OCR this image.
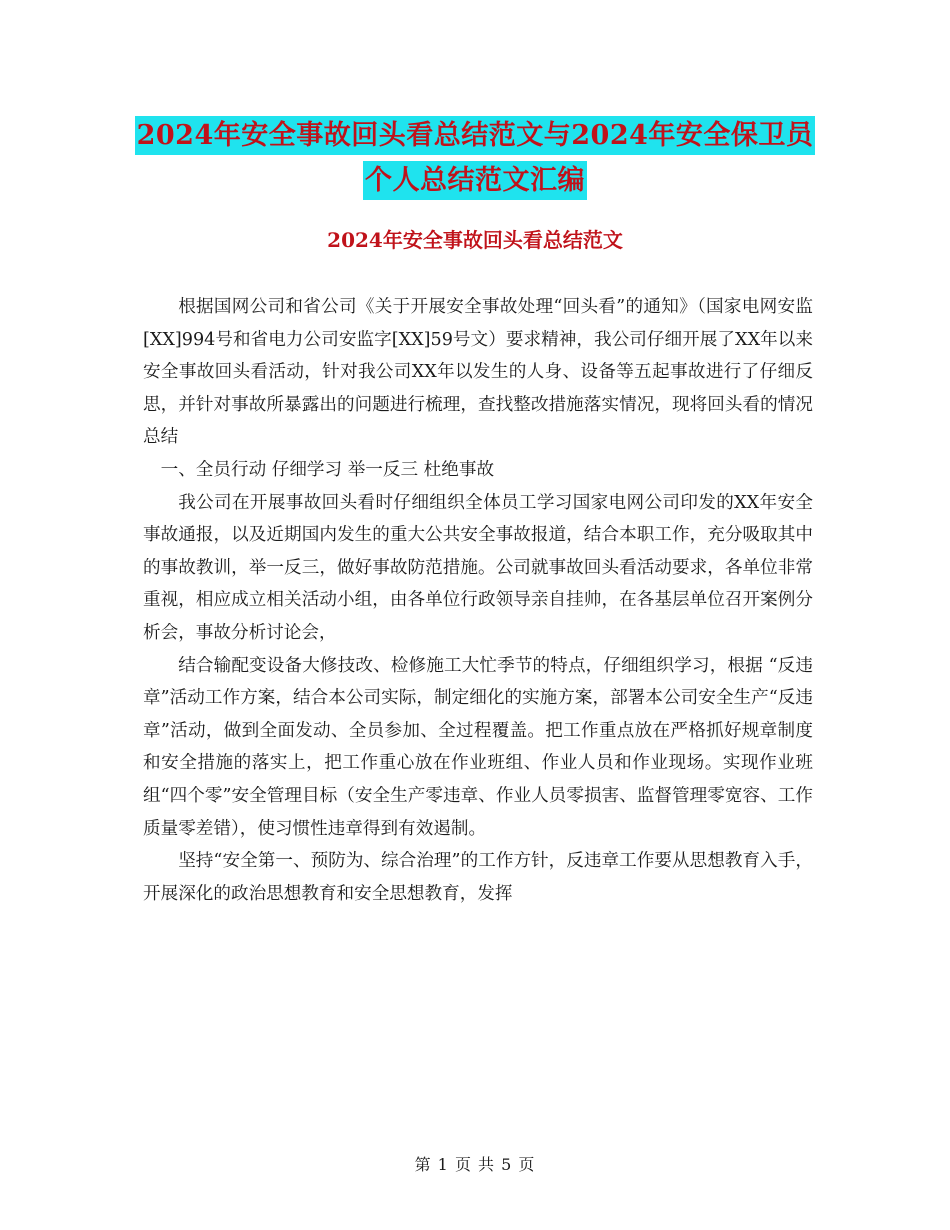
2024年安全事故回头看总结范文与2024年安全保卫员
个人总结范文汇编
2024年安全事故回头看总结范文

根据国网公司和省公司《关于开展安全事故处理“回头看”的通知》（国家电网安监[XX]994号和省电力公司安监字[XX]59号文）要求精神，我公司仔细开展了XX年以来安全事故回头看活动，针对我公司XX年以发生的人身、设备等五起事故进行了仔细反思，并针对事故所暴露出的问题进行梳理，查找整改措施落实情况，现将回头看的情况总结

一、全员行动 仔细学习 举一反三 杜绝事故

我公司在开展事故回头看时仔细组织全体员工学习国家电网公司印发的XX年安全事故通报，以及近期国内发生的重大公共安全事故报道，结合本职工作，充分吸取其中的事故教训，举一反三，做好事故防范措施。公司就事故回头看活动要求，各单位非常重视，相应成立相关活动小组，由各单位行政领导亲自挂帅，在各基层单位召开案例分析会，事故分析讨论会，

结合输配变设备大修技改、检修施工大忙季节的特点，仔细组织学习，根据 “反违章”活动工作方案，结合本公司实际，制定细化的实施方案，部署本公司安全生产“反违章”活动，做到全面发动、全员参加、全过程覆盖。把工作重点放在严格抓好规章制度和安全措施的落实上，把工作重心放在作业班组、作业人员和作业现场。实现作业班组“四个零”安全管理目标（安全生产零违章、作业人员零损害、监督管理零宽容、工作质量零差错），使习惯性违章得到有效遏制。

坚持“安全第一、预防为、综合治理”的工作方针，反违章工作要从思想教育入手，开展深化的政治思想教育和安全思想教育，发挥

第 1 页 共 5 页
